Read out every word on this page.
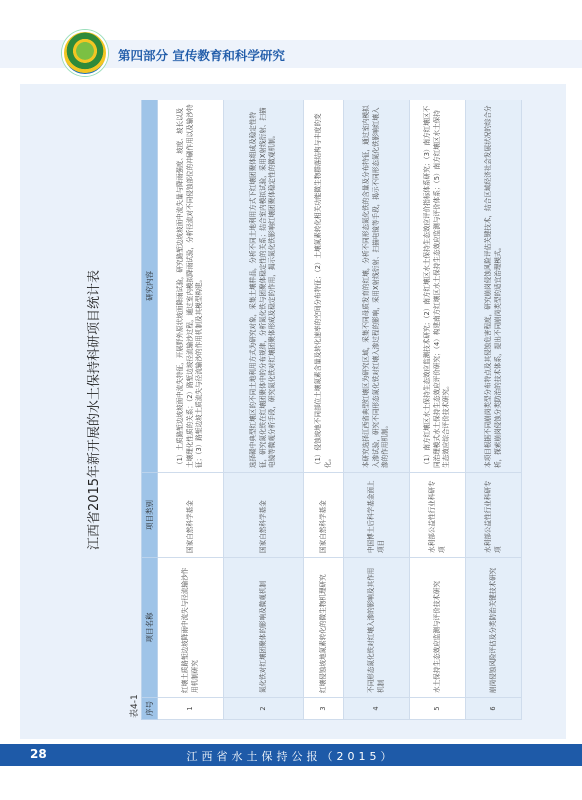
第四部分 宣传教育和科学研究
江西省2015年新开展的水土保持科研项目统计表
表4-1 序号	项目名称	项目类别	研究内容
1	红壤土质路堑边坡降雨中流失与径流输沙作用机制研究	国家自然科学基金	（1）土质路堑边坡坡面中流失特征，开展野外原状坡面降雨试验，研究路堑边坡坡面中流失量与降雨强度、坡度、坡长以及土壤理化性质的关系；（2）路堑边坡径流输沙过程，通过室内模拟降雨试验，分析径流对不同侵蚀部位的冲刷作用以及输沙特征；（3）路堑边坡土质流失与径流输沙的作用机制及其模型构建。
2	氮化铁对红壤团聚体的影响及微观机制	国家自然科学基金	选择赣中典型红壤区的不同土地利用方式为研究对象，采集土壤样品，分析不同土地利用方式下红壤团聚体组成及稳定性特征，研究氮化铁在红壤团聚体中的分布规律，分析氮化铁与团聚体稳定性的关系；结合室内模拟试验，采用X射线衍射、扫描电镜等微观分析手段，研究氮化铁对红壤团聚体形成及稳定的作用，揭示氮化铁影响红壤团聚体稳定性的微观机制。
3	红壤侵蚀坡地氮素转化的微生物机理研究	国家自然科学基金	（1）侵蚀坡地不同部位土壤氮素含量及转化速率的空间分布特征；（2）土壤氮素转化相关功能微生物群落结构与丰度的变化。
4	不同形态氮化铁对红壤入渗的影响及其作用机制	中国博士后科学基金面上项目	本研究选择江西省典型红壤区为研究区域，采集不同母质发育的红壤，分析不同形态氮化铁的含量及分布特征，通过室内模拟入渗试验，研究不同形态氮化铁对红壤入渗过程的影响，采用X射线衍射、扫描电镜等手段，揭示不同形态氮化铁影响红壤入渗的作用机制。
5	水土保持生态效应监测与评价技术研究	水利部公益性行业科研专项	（1）南方红壤区水土保持生态效应监测技术研究；（2）南方红壤区水土保持生态效应评价指标体系研究；（3）南方红壤区不同治理模式水土保持生态效应评价研究；（4）构建南方红壤区水土保持生态效应监测与评价体系；（5）南方红壤区水土保持生态效应综合评价技术研究。
6	崩岗侵蚀风险评估及分类防治关键技术研究	水利部公益性行业科研专项	本项目根据不同崩岗类型分布特点及其侵蚀危害程度，研究崩岗侵蚀风险评估关键技术，结合区域经济社会发展状况的综合分析，探索崩岗侵蚀分类防治的技术体系，提出不同崩岗类型的适宜治理模式。
28	江西省水土保持公报（2015）
